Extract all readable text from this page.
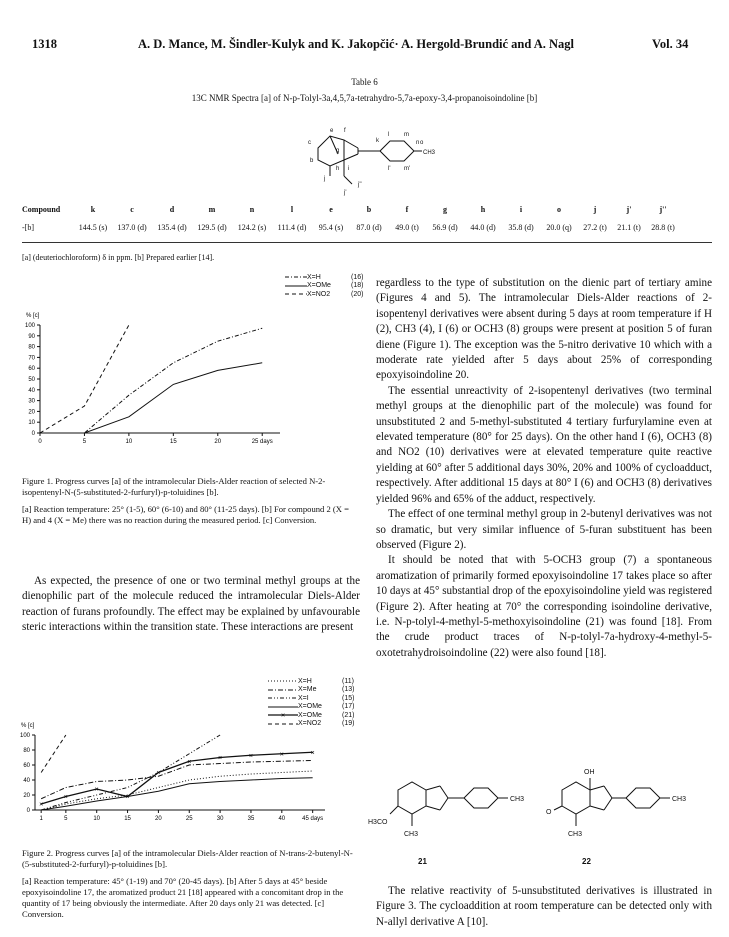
1318	A. D. Mance, M. Šindler-Kulyk and K. Jakopčić· A. Hergold-Brundić and A. Nagl	Vol. 34
Table 6
13C NMR Spectra [a] of N-p-Tolyl-3a,4,5,7a-tetrahydro-5,7a-epoxy-3,4-propanoisoindoline [b]
c
e f
g
b
h i
j
j'
j''
k
l
l'
m
m'
n o
CH3
Compound	k	c	d	m	n	l	e	b	f	g	h	i	o	j	j'	j''
-[b]	144.5 (s)	137.0 (d)	135.4 (d)	129.5 (d)	124.2 (s)	111.4 (d)	95.4 (s)	87.0 (d)	49.0 (t)	56.9 (d)	44.0 (d)	35.8 (d)	20.0 (q)	27.2 (t)	21.1 (t)	28.8 (t)
[a] (deuteriochloroform) δ in ppm. [b] Prepared earlier [14].
X=H	(16)
X=OMe	(18)
X=NO2	(20)
% [c]
100
90
80
70
60
50
40
30
20
10
0
0	5	10	15	20	25 days

Figure 1. Progress curves [a] of the intramolecular Diels-Alder reaction of selected N-2-isopentenyl-N-(5-substituted-2-furfuryl)-p-toluidines [b].

[a] Reaction temperature: 25° (1-5), 60° (6-10) and 80° (11-25 days). [b] For compound 2 (X = H) and 4 (X = Me) there was no reaction during the measured period. [c] Conversion.

As expected, the presence of one or two terminal methyl groups at the dienophilic part of the molecule reduced the intramolecular Diels-Alder reaction of furans profoundly. The effect may be explained by unfavourable steric interactions within the transition state. These interactions are present

X=H	(11)
X=Me	(13)
X=I	(15)
X=OMe	(17)
× X=OMe	(21)
X=NO2	(19)
% [c]
100
80
60
40
20
0
1	5	10	15	20	25	30	35	40	45 days
×
×
×
×
×
×
×	×	×	×

Figure 2. Progress curves [a] of the intramolecular Diels-Alder reaction of N-trans-2-butenyl-N-(5-substituted-2-furfuryl)-p-toluidines [b].

[a] Reaction temperature: 45° (1-19) and 70° (20-45 days). [b] After 5 days at 45° beside epoxyisoindoline 17, the aromatized product 21 [18] appeared with a concomitant drop in the quantity of 17 being obviously the intermediate. After 20 days only 21 was detected. [c] Conversion.

regardless to the type of substitution on the dienic part of tertiary amine (Figures 4 and 5). The intramolecular Diels-Alder reactions of 2-isopentenyl derivatives were absent during 5 days at room temperature if H (2), CH3 (4), I (6) or OCH3 (8) groups were present at position 5 of furan diene (Figure 1). The exception was the 5-nitro derivative 10 which with a moderate rate yielded after 5 days about 25% of corresponding epoxyisoindoline 20.

The essential unreactivity of 2-isopentenyl derivatives (two terminal methyl groups at the dienophilic part of the molecule) was found for unsubstituted 2 and 5-methyl-substituted 4 tertiary furfurylamine even at elevated temperature (80° for 25 days). On the other hand I (6), OCH3 (8) and NO2 (10) derivatives were at elevated temperature quite reactive yielding at 60° after 5 additional days 30%, 20% and 100% of cycloadduct, respectively. After additional 15 days at 80° I (6) and OCH3 (8) derivatives yielded 96% and 65% of the adduct, respectively.

The effect of one terminal methyl group in 2-butenyl derivatives was not so dramatic, but very similar influence of 5-furan substituent has been observed (Figure 2).

It should be noted that with 5-OCH3 group (7) a spontaneous aromatization of primarily formed epoxyisoindoline 17 takes place so after 10 days at 45° substantial drop of the epoxyisoindoline yield was registered (Figure 2). After heating at 70° the corresponding isoindoline derivative, i.e. N-p-tolyl-4-methyl-5-methoxyisoindoline (21) was found [18]. From the crude product traces of N-p-tolyl-7a-hydroxy-4-methyl-5-oxotetrahydroisoindoline (22) were also found [18].

H3CO
CH3
CH3
21
OH
O
CH3
CH3
22

The relative reactivity of 5-unsubstituted derivatives is illustrated in Figure 3. The cycloaddition at room temperature can be detected only with N-allyl derivative A [10].
